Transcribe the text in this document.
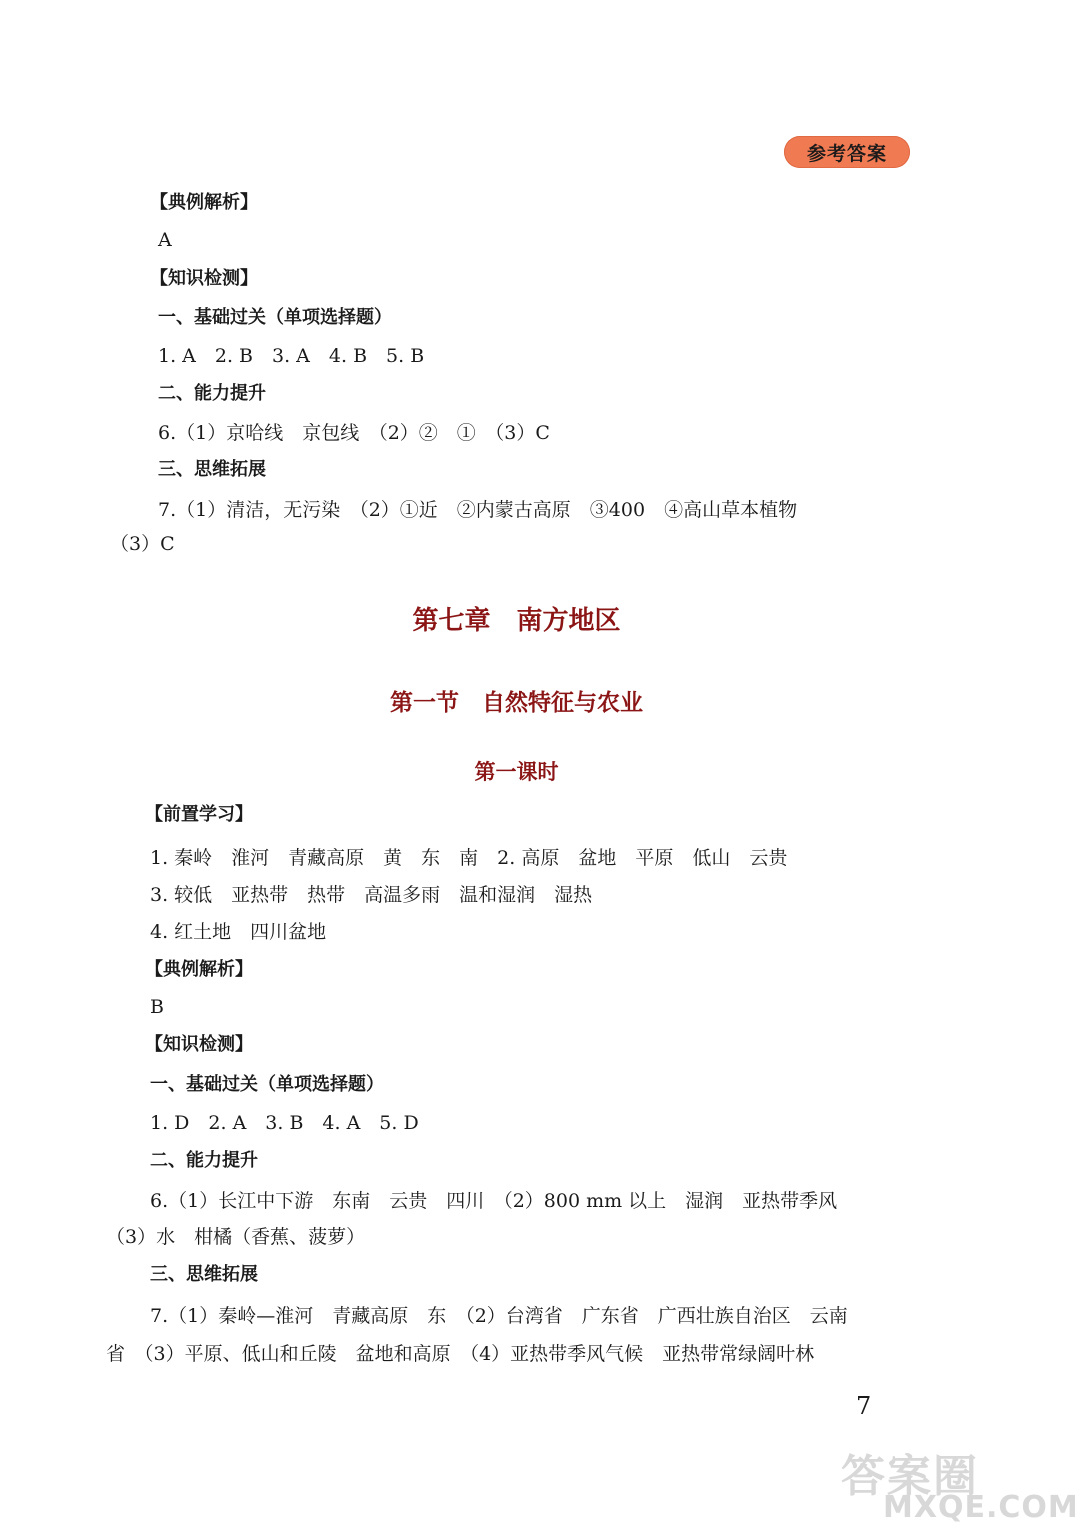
参考答案
【典例解析】
A
【知识检测】
一、基础过关（单项选择题）
1. A　2. B　3. A　4. B　5. B
二、能力提升
6.（1）京哈线　京包线　（2）②　①　（3）C
三、思维拓展
7.（1）清洁，无污染　（2）①近　②内蒙古高原　③400　④高山草本植物
（3）C
第七章　南方地区
第一节　自然特征与农业
第一课时
【前置学习】
1. 秦岭　淮河　青藏高原　黄　东　南　2. 高原　盆地　平原　低山　云贵
3. 较低　亚热带　热带　高温多雨　温和湿润　湿热
4. 红土地　四川盆地
【典例解析】
B
【知识检测】
一、基础过关（单项选择题）
1. D　2. A　3. B　4. A　5. D
二、能力提升
6.（1）长江中下游　东南　云贵　四川　（2）800 mm 以上　湿润　亚热带季风
（3）水　柑橘（香蕉、菠萝）
三、思维拓展
7.（1）秦岭—淮河　青藏高原　东　（2）台湾省　广东省　广西壮族自治区　云南
省　（3）平原、低山和丘陵　盆地和高原　（4）亚热带季风气候　亚热带常绿阔叶林
7
答案圈
MXQE.COM
